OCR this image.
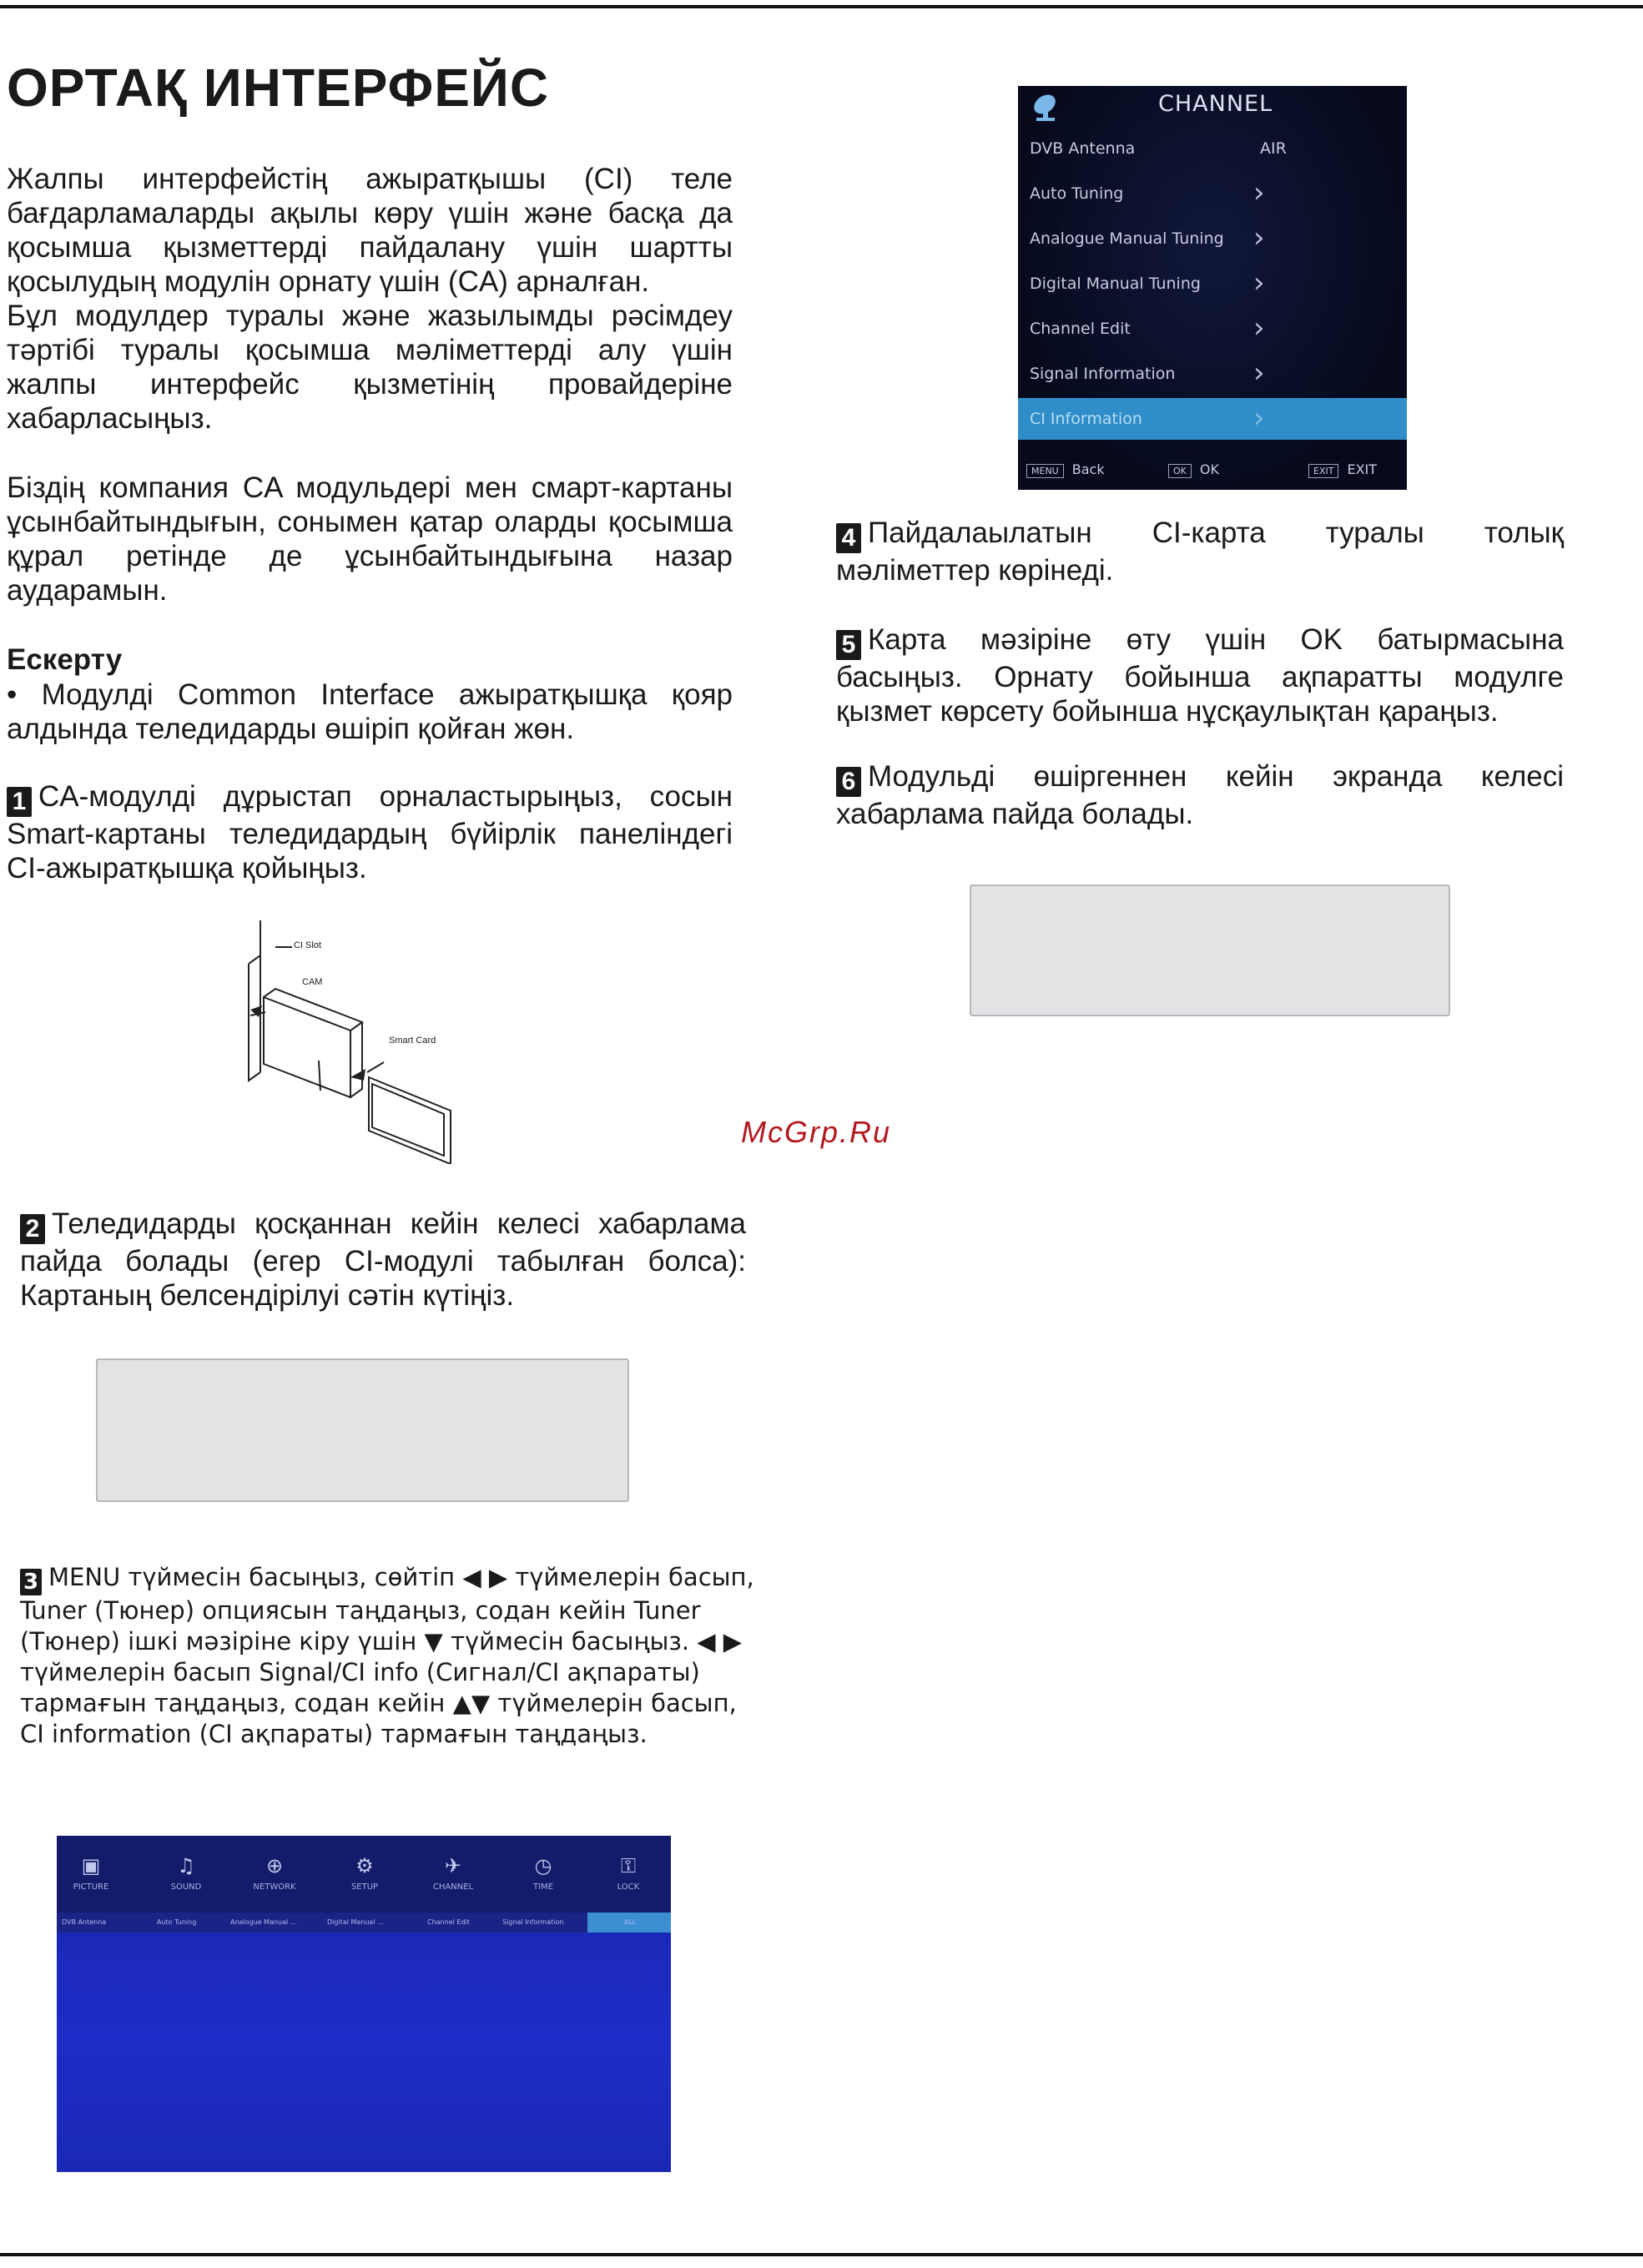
ОРТАҚ ИНТЕРФЕЙС

Жалпы интерфейстің ажыратқышы (CI) теле бағдарламаларды ақылы көру үшін және басқа да қосымша қызметтерді пайдалану үшін шартты қосылудың модулін орнату үшін (CA) арналған.

Бұл модулдер туралы және жазылымды рәсімдеу тәртібі туралы қосымша мәліметтерді алу үшін жалпы интерфейс қызметінің провайдеріне хабарласыңыз.

Біздің компания CA модульдері мен смарт-картаны ұсынбайтындығын, сонымен қатар оларды қосымша құрал ретінде де ұсынбайтындығына назар аударамын.
Ескерту
• Модулді Common Interface ажыратқышқа қояр алдында теледидарды өшіріп қойған жөн.
1 CA-модулді дұрыстап орналастырыңыз, сосын Smart-картаны теледидардың бүйірлік панеліндегі CI-ажыратқышқа қойыңыз.
CI Slot
CAM
Smart Card
2 Теледидарды қосқаннан кейін келесі хабарлама пайда болады (егер CI-модулі табылған болса): Картаның белсендірілуі сәтін күтіңіз.
3 MENU түймесін басыңыз, сөйтіп ◀ ▶ түймелерін басып,
Tuner (Тюнер) опциясын таңдаңыз, содан кейін Tuner
(Тюнер) ішкі мәзіріне кіру үшін ▼ түймесін басыңыз. ◀ ▶
түймелерін басып Signal/CI info (Сигнал/CI ақпараты)
тармағын таңдаңыз, содан кейін ▲▼ түймелерін басып,
CI information (CI ақпараты) тармағын таңдаңыз.
▣
PICTURE
♫
SOUND
⊕
NETWORK
⚙
SETUP
✈
CHANNEL
◷
TIME
⚿
LOCK
DVB Antenna	Auto Tuning	Analogue Manual ...	Digital Manual ...	Channel Edit	Signal Information	ALL
CHANNEL
DVB Antenna	AIR
Auto Tuning	›
Analogue Manual Tuning ›
Digital Manual Tuning ›
Channel Edit	›
Signal Information	›
CI Information	›
MENU Back	OK OK	EXIT EXIT
4 Пайдалаылатын CI-карта туралы толық мәліметтер көрінеді.
5 Карта мәзіріне өту үшін OK батырмасына басыңыз. Орнату бойынша ақпаратты модулге қызмет көрсету бойынша нұсқаулықтан қараңыз.
6 Модульді өшіргеннен кейін экранда келесі хабарлама пайда болады.
McGrp.Ru
